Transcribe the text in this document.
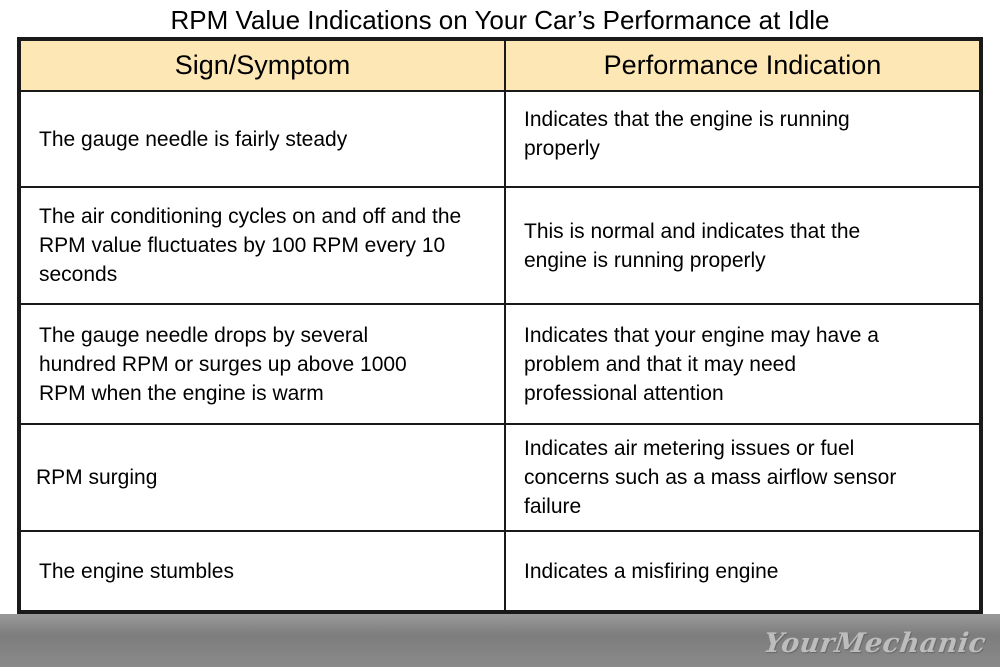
RPM Value Indications on Your Car’s Performance at Idle
Sign/Symptom	Performance Indication

The gauge needle is fairly steady	Indicates that the engine is running properly

The air conditioning cycles on and off and the RPM value fluctuates by 100 RPM every 10 seconds	This is normal and indicates that the engine is running properly

The gauge needle drops by several hundred RPM or surges up above 1000 RPM when the engine is warm	Indicates that your engine may have a problem and that it may need professional attention

RPM surging	Indicates air metering issues or fuel concerns such as a mass airflow sensor failure

The engine stumbles	Indicates a misfiring engine
YourMechanic
